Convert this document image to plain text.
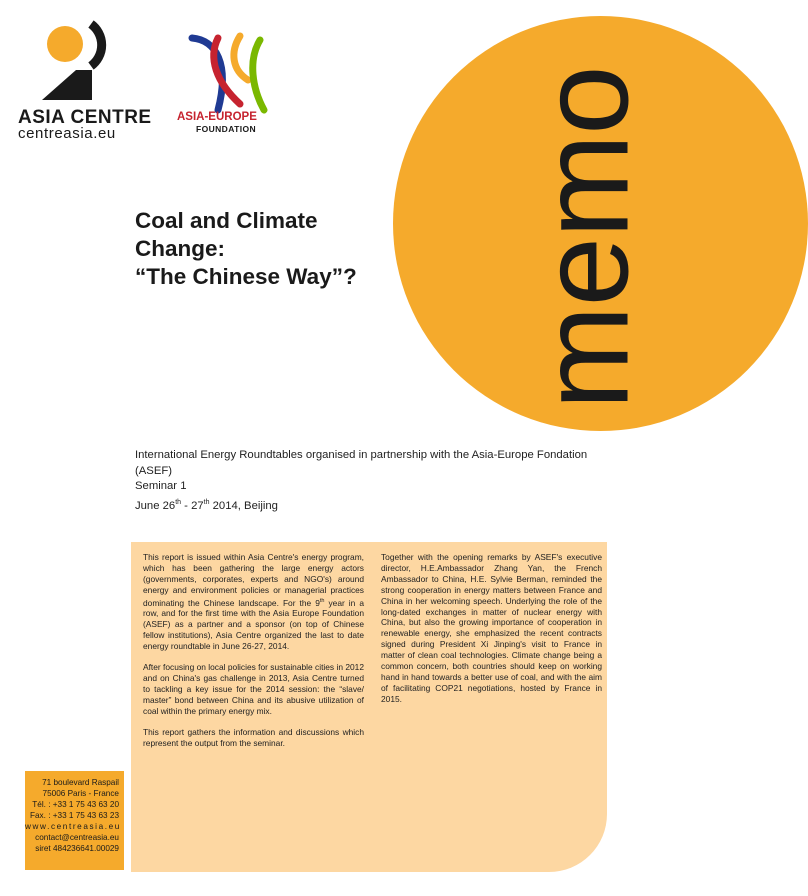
memo
ASIA CENTRE
centreasia.eu
ASIA-EUROPE
FOUNDATION
Coal and Climate
Change:
“The Chinese Way”?

International Energy Roundtables organised in partnership with the Asia-Europe Fondation (ASEF)

Seminar 1

June 26th - 27th 2014, Beijing

This report is issued within Asia Centre's energy program, which has been gathering the large energy actors (governments, corporates, experts and NGO's) around energy and environment policies or managerial practices dominating the Chinese landscape. For the 9th year in a row, and for the first time with the Asia Europe Foundation (ASEF) as a partner and a sponsor (on top of Chinese fellow institutions), Asia Centre organized the last to date energy roundtable in June 26-27, 2014.

After focusing on local policies for sustainable cities in 2012 and on China's gas challenge in 2013, Asia Centre turned to tackling a key issue for the 2014 session: the “slave/ master” bond between China and its abusive utilization of coal within the primary energy mix.

This report gathers the information and discussions which represent the output from the seminar.

Together with the opening remarks by ASEF's executive director, H.E.Ambassador Zhang Yan, the French Ambassador to China, H.E. Sylvie Berman, reminded the strong cooperation in energy matters between France and China in her welcoming speech. Underlying the role of the long-dated exchanges in matter of nuclear energy with China, but also the growing importance of cooperation in renewable energy, she emphasized the recent contracts signed during President Xi Jinping's visit to France in matter of clean coal technologies. Climate change being a common concern, both countries should keep on working hand in hand towards a better use of coal, and with the aim of facilitating COP21 negotiations, hosted by France in 2015.

71 boulevard Raspail
75006 Paris - France
Tél. : +33 1 75 43 63 20
Fax. : +33 1 75 43 63 23
www.centreasia.eu
contact@centreasia.eu
siret 484236641.00029
